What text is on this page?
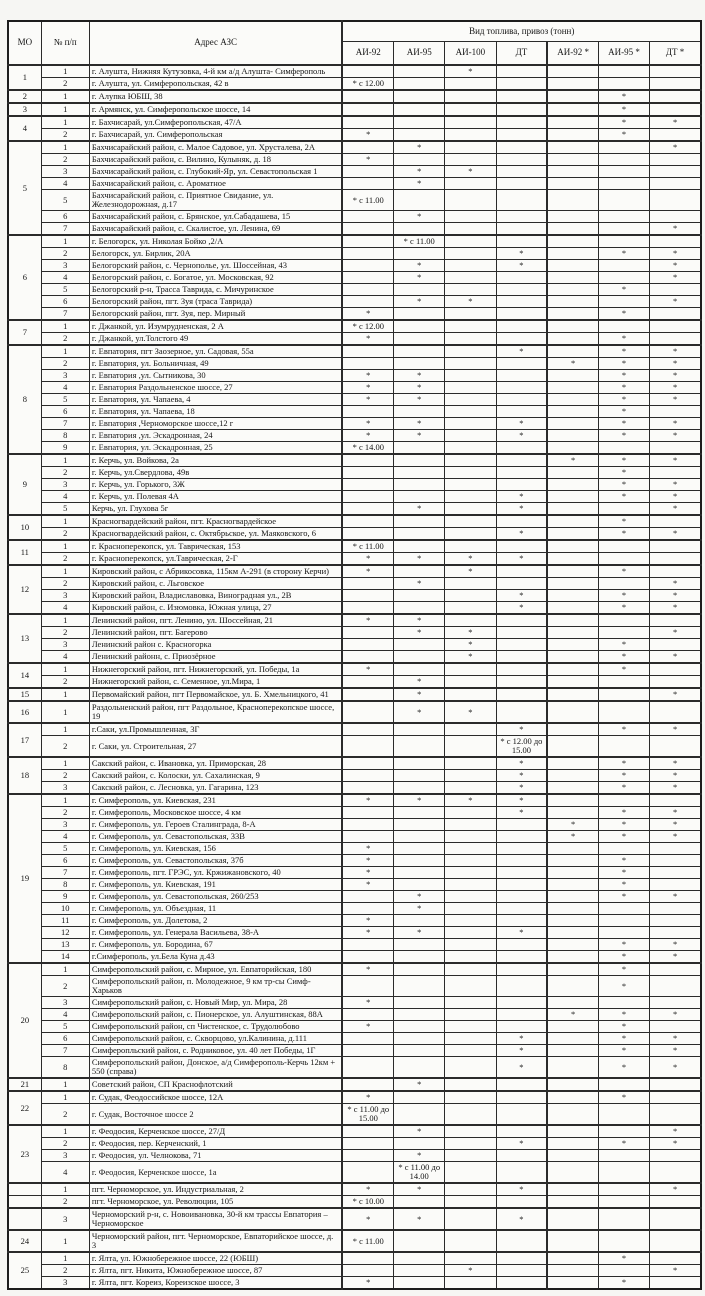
МО	№ п/п	Адрес АЗС	Вид топлива, привоз (тонн)						
			АИ-92	АИ-95	АИ-100	ДТ	АИ-92 *	АИ-95 *	ДТ *
1	1	г. Алушта, Нижняя Кутузовка, 4-й км а/д Алушта- Симферополь			*				
	2	г. Алушта, ул. Симферопольская, 42 в	* с 12.00						
2	1	г. Алупка ЮБШ, 38						*	
3	1	г. Армянск, ул. Симферопольское шоссе, 14						*	
4	1	г. Бахчисарай, ул.Симферопольская, 47/А						*	*
	2	г. Бахчисарай, ул. Симферопольская	*					*	
5	1	Бахчисарайский район, с. Малое Садовое, ул. Хрусталева, 2А		*					*
	2	Бахчисарайский район, с. Вилино, Кулыняк, д. 18	*						
	3	Бахчисарайский район, с. Глубокий-Яр, ул. Севастопольская 1		*	*				
	4	Бахчисарайский район, с. Ароматное		*					
	5	Бахчисарайский район, с. Приятное Свидание, ул. Железнодорожная, д.17	* с 11.00						
	6	Бахчисарайский район, с. Брянское, ул.Сабадашева, 15		*					
	7	Бахчисарайский район, с. Скалистое, ул. Ленина, 69							*
6	1	г. Белогорск, ул. Николая Бойко ,2/А		* с 11.00					
	2	Белогорск, ул. Бирлик, 20А				*		*	*
	3	Белогорский район, с. Чернополье, ул. Шоссейная, 43		*		*			*
	4	Белогорский район, с. Богатое, ул. Московская, 92		*					*
	5	Белогорский р-н, Трасса Таврида, с. Мичуринское						*	
	6	Белогорский район, пгт. Зуя (траса Таврида)		*	*				*
	7	Белогорский район, пгт. Зуя, пер. Мирный	*					*	
7	1	г. Джанкой, ул. Изумрудненская, 2 А	* с 12.00						
	2	г. Джанкой, ул.Толстого 49	*					*	
8	1	г. Евпатория, пгт Заозерное, ул. Садовая, 55а				*		*	*
	2	г. Евпатория, ул. Больничная, 49					*	*	*
	3	г. Евпатория ,ул. Сытникова, 30	*	*				*	*
	4	г. Евпатория Раздольненское шоссе, 27	*	*				*	*
	5	г. Евпатория, ул. Чапаева, 4	*	*				*	*
	6	г. Евпатория, ул. Чапаева, 18						*	
	7	г. Евпатория ,Черноморское шоссе,12 г	*	*		*		*	*
	8	г. Евпатория ,ул. Эскадронная, 24	*	*		*		*	*
	9	г. Евпатория, ул. Эскадронная, 25	* с 14.00						
9	1	г. Керчь, ул. Войкова, 2а					*	*	*
	2	г. Керчь, ул.Свердлова, 49в						*	
	3	г. Керчь, ул. Горького, 3Ж						*	*
	4	г. Керчь, ул. Полевая 4А				*		*	*
	5	Керчь, ул. Глухова 5г		*		*			*
10	1	Красногвардейский район, пгт. Красногвардейское						*	
	2	Красногвардейский район, с. Октябрьское, ул. Маяковского, 6				*		*	*
11	1	г. Красноперекопск, ул. Таврическая, 153	* с 11.00						
	2	г. Красноперекопск, ул.Таврическая, 2-Г	*	*	*	*			
12	1	Кировский район, с Абрикосовка, 115км А-291 (в сторону Керчи)	*		*			*	
	2	Кировский район, с. Льговское		*					*
	3	Кировский район, Владиславовка, Виноградная ул., 2В				*		*	*
	4	Кировский район, с. Изюмовка, Южная улица, 27				*		*	*
13	1	Ленинский район, пгт. Ленино, ул. Шоссейная, 21	*	*					
	2	Ленинский район, пгт. Багерово		*	*				*
	3	Ленинский район с. Красногорка			*			*	
	4	Ленинский районн, с. Приозёрное			*			*	*
14	1	Нижнегорский район, пгт. Нижнегорский, ул. Победы, 1а	*					*	
	2	Нижнегорский район, с. Семенное, ул.Мира, 1		*					
15	1	Первомайский район, пгт Первомайское, ул. Б. Хмельницкого, 41		*					*
16	1	Раздольненский район, пгт Раздольное, Красноперекопское шоссе, 19		*	*				
17	1	г.Саки, ул.Промышленная, 3Г				*		*	*
	2	г. Саки, ул. Строительная, 27				* с 12.00 до 15.00			
18	1	Сакский район, с. Ивановка, ул. Приморская, 28				*		*	*
	2	Сакский район, с. Колоски, ул. Сахалинская, 9				*		*	*
	3	Сакский район, с. Лесновка, ул. Гагарина, 123				*		*	*
19	1	г. Симферополь, ул. Киевская, 231	*	*	*	*			
	2	г. Симферополь, Московское шоссе, 4 км				*		*	*
	3	г. Симферополь, ул. Героев Сталинграда, 8-А					*	*	*
	4	г. Симферополь, ул. Севастопольская, 33В					*	*	*
	5	г. Симферополь, ул. Киевская, 156	*						
	6	г. Симферополь, ул. Севастопольская, 37б	*					*	
	7	г. Симферополь, пгт. ГРЭС, ул. Кржижановского, 40	*					*	
	8	г. Симферополь, ул. Киевская, 191	*					*	
	9	г. Симферополь, ул. Севастопольская, 260/253		*				*	*
	10	г. Симферополь, ул. Объездная, 11		*					
	11	г. Симферополь, ул. Долетова, 2	*						
	12	г. Симферополь, ул. Генерала Васильева, 38-А	*	*		*			
	13	г. Симферополь, ул. Бородина, 67						*	*
	14	г.Симферополь, ул.Бела Куна д.43						*	*
20	1	Симферопольский район, с. Мирное, ул. Евпаторийская, 180	*					*	
	2	Симферопольский район, п. Молодежное, 9 км тр-сы Симф-Харьков						*	
	3	Симферопольский район, с. Новый Мир, ул. Мира, 28	*						
	4	Симферопольский район, с. Пионерское, ул. Алуштинская, 88А					*	*	*
	5	Симферопольский район, сп Чистенское, с. Трудолюбово	*					*	
	6	Симферопольский район, с. Скворцово, ул.Калинина, д.111				*		*	*
	7	Симферопльский район, с. Родниковое, ул. 40 лет Победы, 1Г				*		*	*
	8	Симферопольский район, Донское, а/д Симферополь-Керчь 12км + 550 (справа)				*		*	*
21	1	Советский район, СП Краснофлотский		*					
22	1	г. Судак, Феодоссийское шоссе, 12А	*					*	
	2	г. Судак, Восточное шоссе 2	* с 11.00 до 15.00						
23	1	г. Феодосия, Керченское шоссе, 27/Д		*					*
	2	г. Феодосия, пер. Керченский, 1				*		*	*
	3	г. Феодосия, ул. Челнокова, 71		*					
	4	г. Феодосия, Керченское шоссе, 1а		* с 11.00 до 14.00					
	1	пгт. Черноморское, ул. Индустриальная, 2	*	*		*			*
	2	пгт. Черноморское, ул. Революции, 105	* с 10.00						
	3	Черноморский р-н, с. Новоивановка, 30-й км трассы Евпатория – Черноморское	*	*		*			
24	1	Черноморский район, пгт. Черноморское, Евпаторийское шоссе, д. 3	* с 11.00						
25	1	г. Ялта, ул. Южнобережное шоссе, 22 (ЮБШ)						*	
	2	г. Ялта, пгт. Никита, Южнобережное шоссе, 87			*				*
	3	г. Ялта, пгт. Кореиз, Кореизское шоссе, 3	*					*	
